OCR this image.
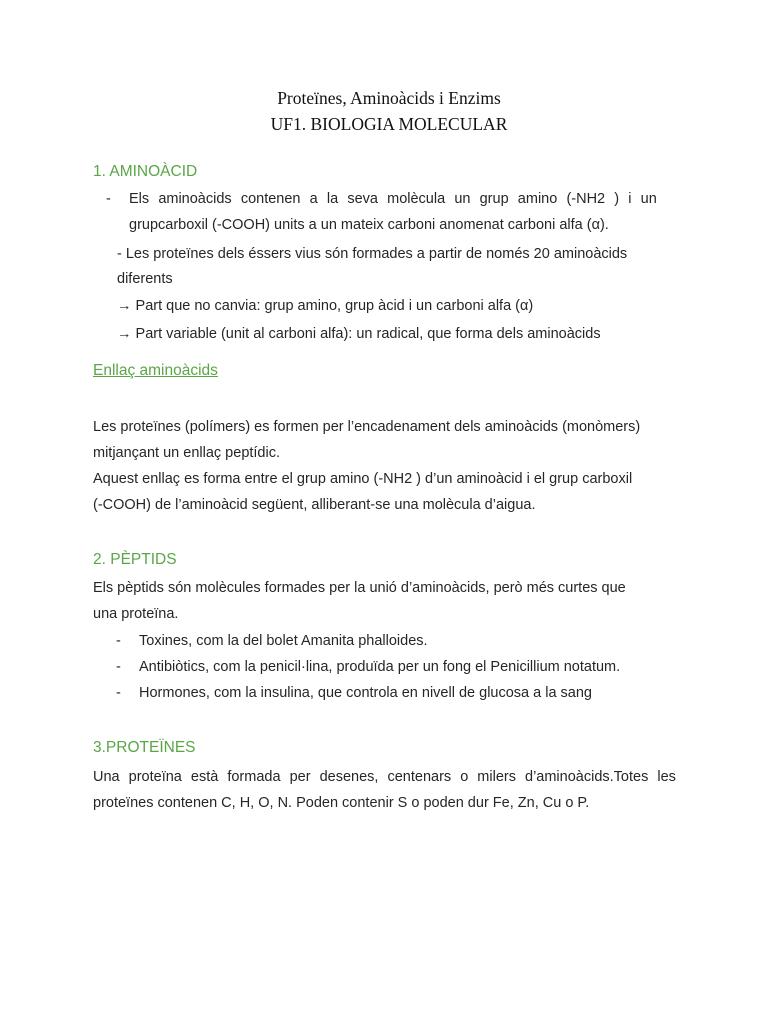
Proteïnes, Aminoàcids i Enzims
UF1. BIOLOGIA MOLECULAR
1. AMINOÀCID
- Els aminoàcids contenen a la seva molècula un grup amino (-NH2 ) i un
grupcarboxil (-COOH) units a un mateix carboni anomenat carboni alfa (α).
- Les proteïnes dels éssers vius són formades a partir de només 20 aminoàcids
diferents
→ Part que no canvia: grup amino, grup àcid i un carboni alfa (α)
→ Part variable (unit al carboni alfa): un radical, que forma dels aminoàcids
Enllaç aminoàcids
Les proteïnes (polímers) es formen per l’encadenament dels aminoàcids (monòmers)
mitjançant un enllaç peptídic.
Aquest enllaç es forma entre el grup amino (-NH2 ) d’un aminoàcid i el grup carboxil
(-COOH) de l’aminoàcid següent, alliberant-se una molècula d’aigua.
2. PÈPTIDS
Els pèptids són molècules formades per la unió d’aminoàcids, però més curtes que
una proteïna.
- Toxines, com la del bolet Amanita phalloides.
- Antibiòtics, com la penicil·lina, produïda per un fong el Penicillium notatum.
- Hormones, com la insulina, que controla en nivell de glucosa a la sang
3.PROTEÏNES
Una proteïna està formada per desenes, centenars o milers d’aminoàcids.Totes les
proteïnes contenen C, H, O, N. Poden contenir S o poden dur Fe, Zn, Cu o P.
